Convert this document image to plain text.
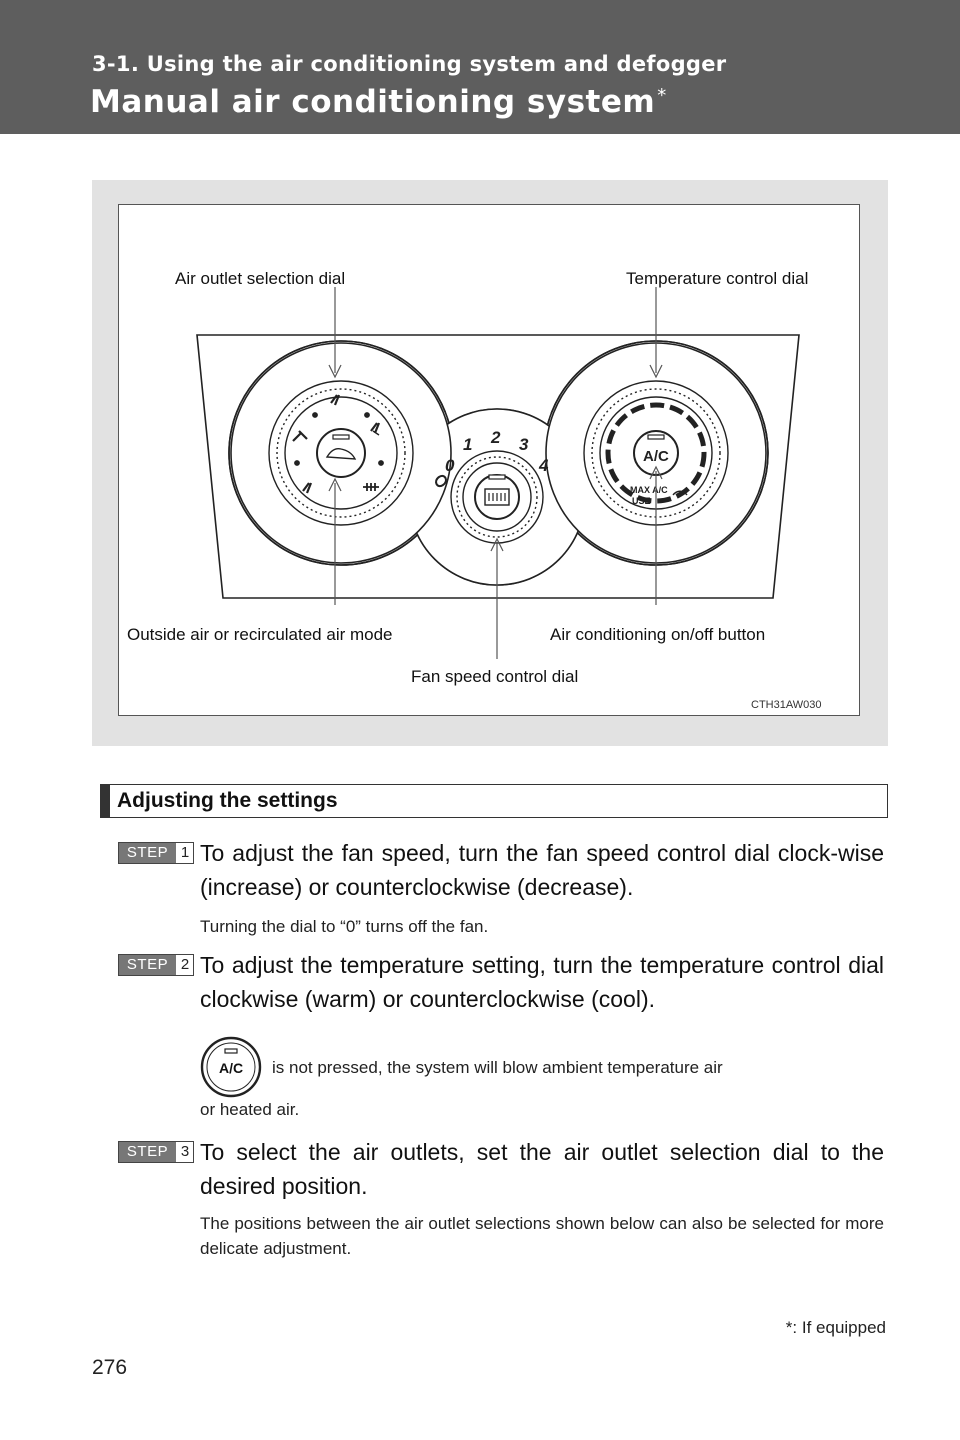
3-1. Using the air conditioning system and defogger
Manual air conditioning system *
0
1 2 3
4	A/C
MAX A/C
USE
Air outlet selection dial	Temperature control dial
Outside air or recirculated air mode	Air conditioning on/off button
Fan speed control dial
CTH31AW030
Adjusting the settings
STEP 1 To adjust the fan speed, turn the fan speed control dial clock-wise (increase) or counterclockwise (decrease).
Turning the dial to “0” turns off the fan.
STEP 2 To adjust the temperature setting, turn the temperature control dial clockwise (warm) or counterclockwise (cool).
A/C is not pressed, the system will blow ambient temperature air
or heated air.
STEP 3 To select the air outlets, set the air outlet selection dial to the desired position.
The positions between the air outlet selections shown below can also be selected for more delicate adjustment.
*: If equipped
276
